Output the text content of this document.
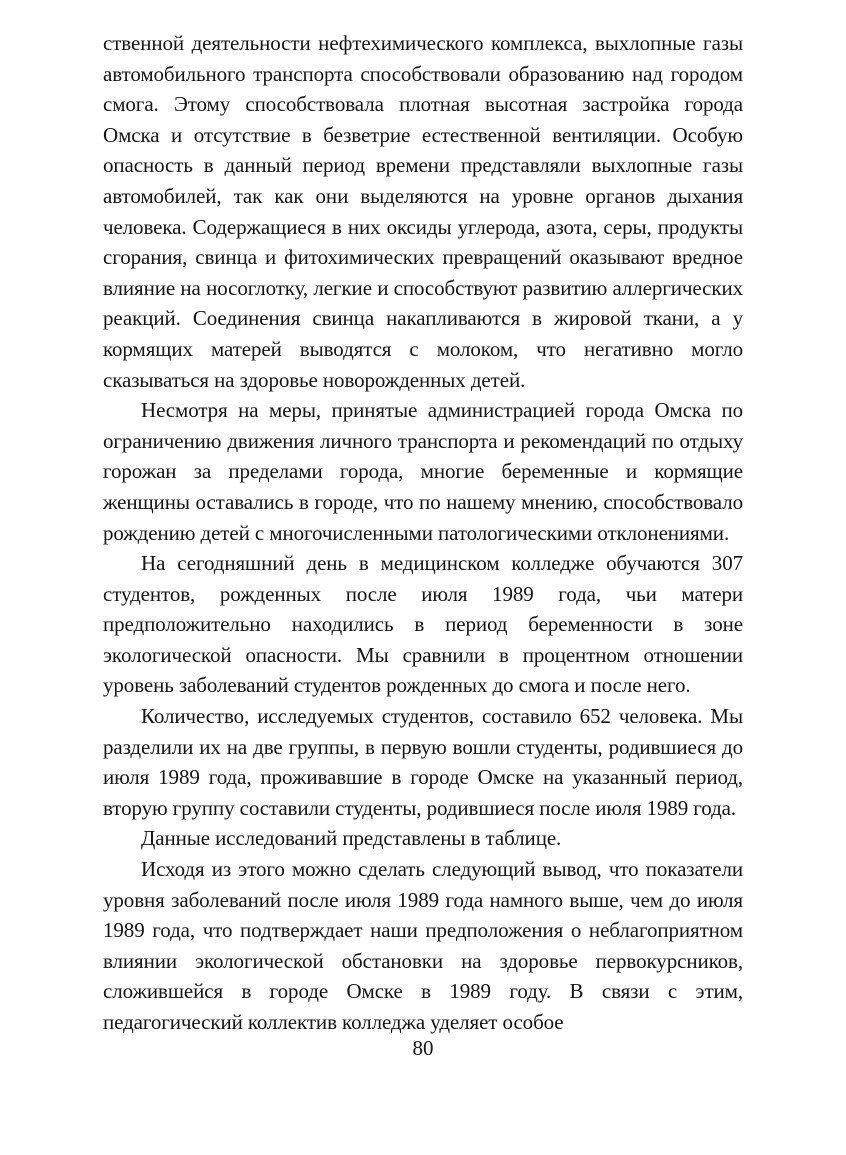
ственной деятельности нефтехимического комплекса, выхлопные газы автомобильного транспорта способствовали образованию над городом смога. Этому способствовала плотная высотная застройка города Омска и отсутствие в безветрие естественной вентиляции. Особую опасность в данный период времени представляли выхлопные газы автомобилей, так как они выделяются на уровне органов дыхания человека. Содержащиеся в них оксиды углерода, азота, серы, продукты сгорания, свинца и фитохимических превращений оказывают вредное влияние на носоглотку, легкие и способствуют развитию аллергических реакций. Соединения свинца накапливаются в жировой ткани, а у кормящих матерей выводятся с молоком, что негативно могло сказываться на здоровье новорожденных детей.

Несмотря на меры, принятые администрацией города Омска по ограничению движения личного транспорта и рекомендаций по отдыху горожан за пределами города, многие беременные и кормящие женщины оставались в городе, что по нашему мнению, способствовало рождению детей с многочисленными патологическими отклонениями.

На сегодняшний день в медицинском колледже обучаются 307 студентов, рожденных после июля 1989 года, чьи матери предположительно находились в период беременности в зоне экологической опасности. Мы сравнили в процентном отношении уровень заболеваний студентов рожденных до смога и после него.

Количество, исследуемых студентов, составило 652 человека. Мы разделили их на две группы, в первую вошли студенты, родившиеся до июля 1989 года, проживавшие в городе Омске на указанный период, вторую группу составили студенты, родившиеся после июля 1989 года.

Данные исследований представлены в таблице.

Исходя из этого можно сделать следующий вывод, что показатели уровня заболеваний после июля 1989 года намного выше, чем до июля 1989 года, что подтверждает наши предположения о неблагоприятном влиянии экологической обстановки на здоровье первокурсников, сложившейся в городе Омске в 1989 году. В связи с этим, педагогический коллектив колледжа уделяет особое

80
